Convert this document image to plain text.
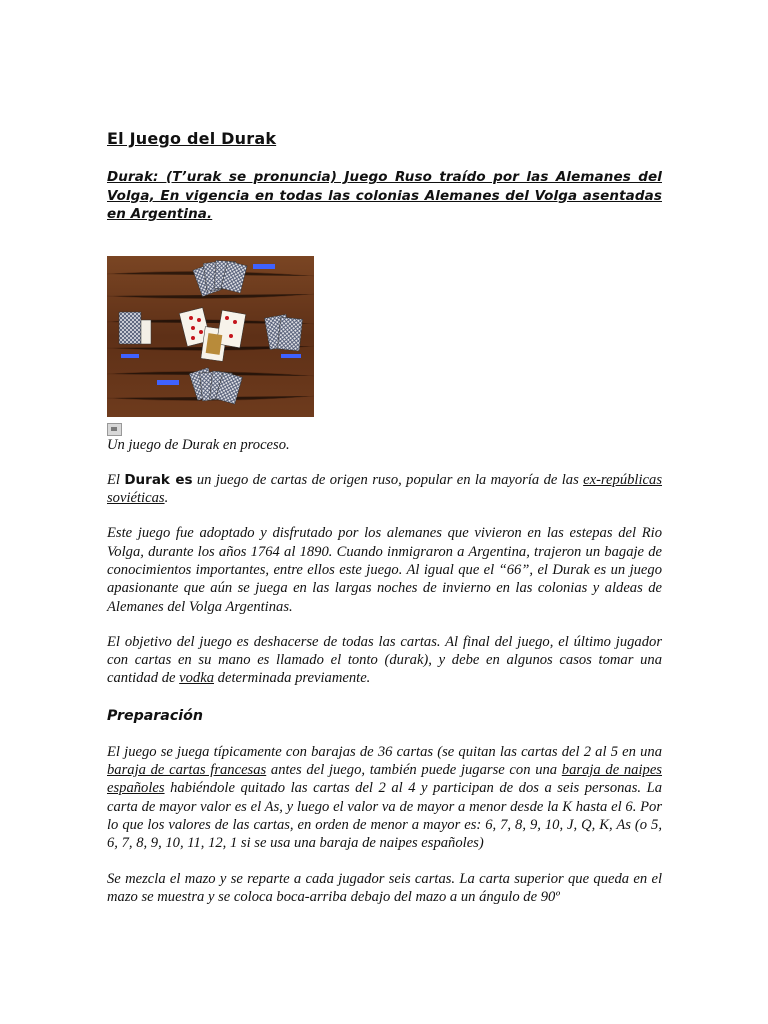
El Juego del Durak

Durak: (T’urak se pronuncia) Juego Ruso traído por las Alemanes del Volga, En vigencia en todas las colonias Alemanes del Volga asentadas en Argentina.

Un juego de Durak en proceso.

El Durak es un juego de cartas de origen ruso, popular en la mayoría de las ex-repúblicas soviéticas.

Este juego fue adoptado y disfrutado por los alemanes que vivieron en las estepas del Rio Volga, durante los años 1764 al 1890. Cuando inmigraron a Argentina, trajeron un bagaje de conocimientos importantes, entre ellos este juego. Al igual que el “66”, el Durak es un juego apasionante que aún se juega en las largas noches de invierno en las colonias y aldeas de Alemanes del Volga Argentinas.

El objetivo del juego es deshacerse de todas las cartas. Al final del juego, el último jugador con cartas en su mano es llamado el tonto (durak), y debe en algunos casos tomar una cantidad de vodka determinada previamente.

Preparación

El juego se juega típicamente con barajas de 36 cartas (se quitan las cartas del 2 al 5 en una baraja de cartas francesas antes del juego, también puede jugarse con una baraja de naipes españoles habiéndole quitado las cartas del 2 al 4 y participan de dos a seis personas. La carta de mayor valor es el As, y luego el valor va de mayor a menor desde la K hasta el 6. Por lo que los valores de las cartas, en orden de menor a mayor es: 6, 7, 8, 9, 10, J, Q, K, As (o 5, 6, 7, 8, 9, 10, 11, 12, 1 si se usa una baraja de naipes españoles)

Se mezcla el mazo y se reparte a cada jugador seis cartas. La carta superior que queda en el mazo se muestra y se coloca boca-arriba debajo del mazo a un ángulo de 90º
